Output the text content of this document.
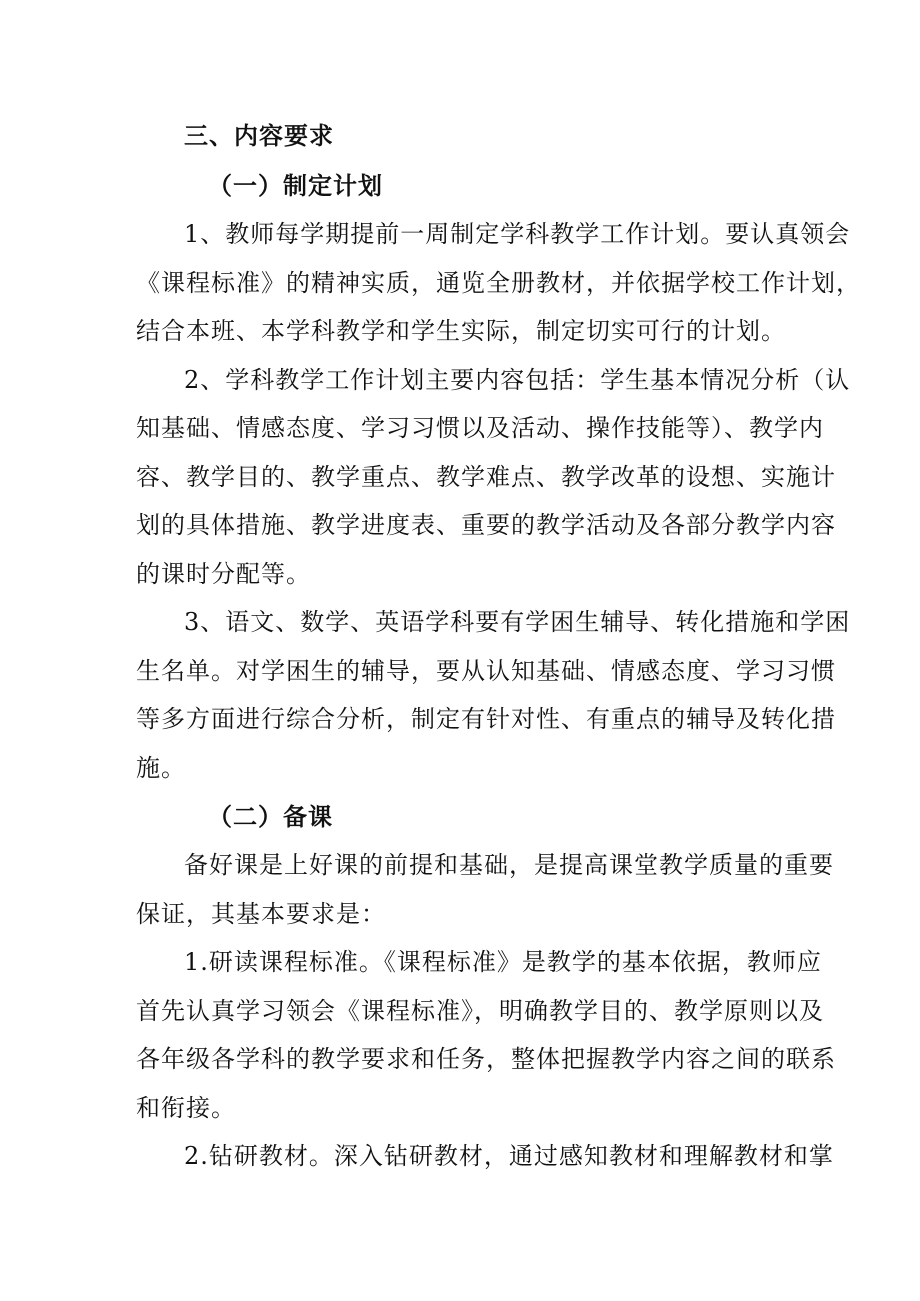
三、内容要求
（一）制定计划
1、教师每学期提前一周制定学科教学工作计划。要认真领会
《课程标准》的精神实质，通览全册教材，并依据学校工作计划，
结合本班、本学科教学和学生实际，制定切实可行的计划。
2、学科教学工作计划主要内容包括：学生基本情况分析（认
知基础、情感态度、学习习惯以及活动、操作技能等）、教学内
容、教学目的、教学重点、教学难点、教学改革的设想、实施计
划的具体措施、教学进度表、重要的教学活动及各部分教学内容
的课时分配等。
3、语文、数学、英语学科要有学困生辅导、转化措施和学困
生名单。对学困生的辅导，要从认知基础、情感态度、学习习惯
等多方面进行综合分析，制定有针对性、有重点的辅导及转化措
施。
（二）备课
备好课是上好课的前提和基础，是提高课堂教学质量的重要
保证，其基本要求是：
1.研读课程标准。《课程标准》是教学的基本依据，教师应
首先认真学习领会《课程标准》，明确教学目的、教学原则以及
各年级各学科的教学要求和任务，整体把握教学内容之间的联系
和衔接。
2.钻研教材。深入钻研教材，通过感知教材和理解教材和掌
